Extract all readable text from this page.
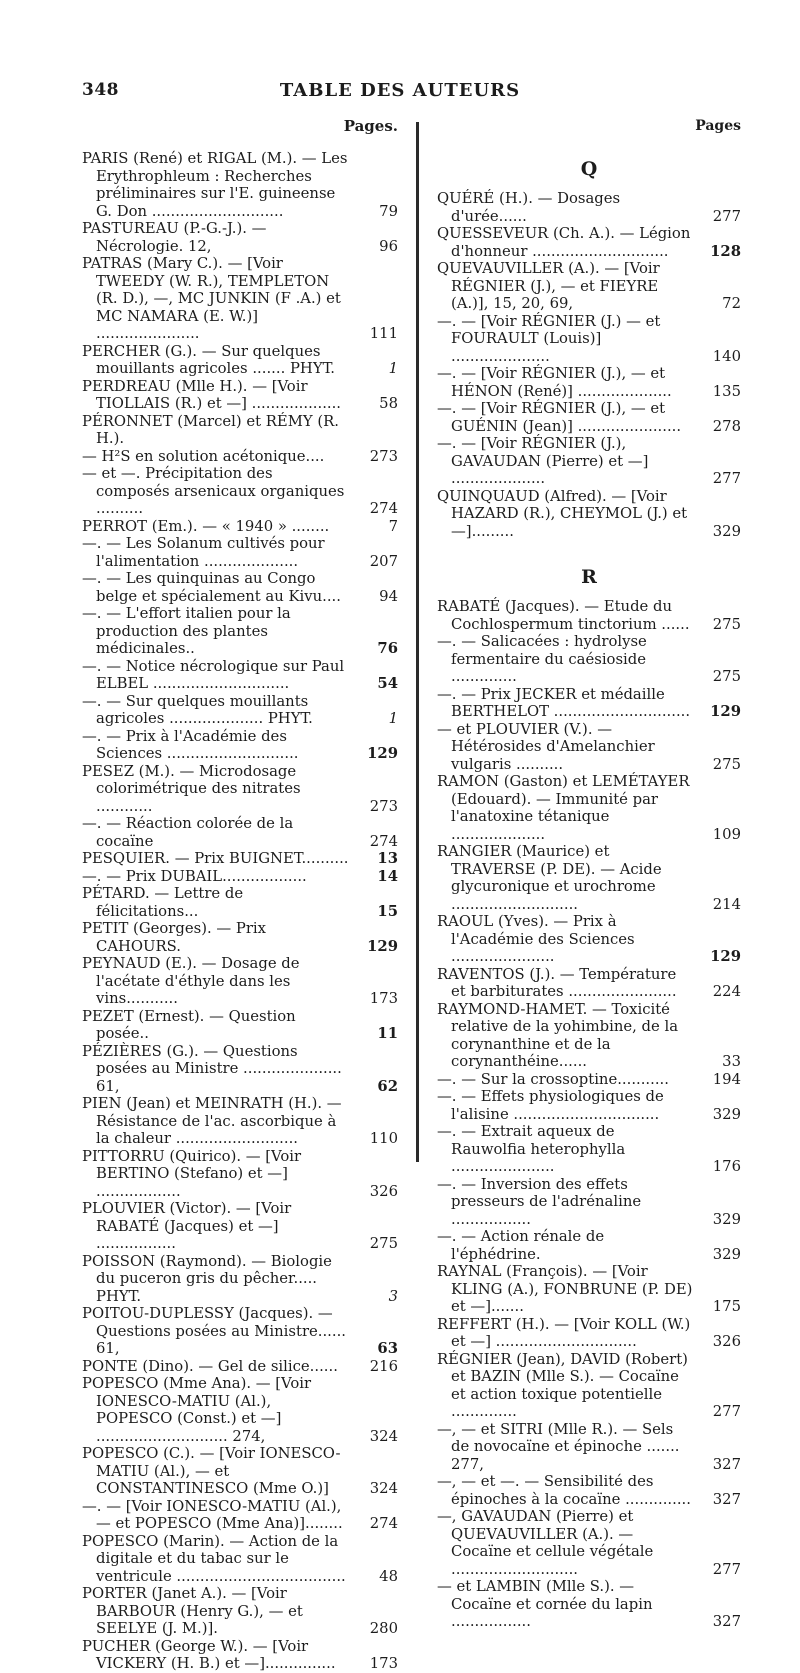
348	TABLE DES AUTEURS
Pages.

PARIS (René) et RIGAL (M.). — Les Erythrophleum : Recherches préliminaires sur l'E. guineense G. Don ............................	79

PASTUREAU (P.-G.-J.). — Nécrologie. 12,	96

PATRAS (Mary C.). — [Voir TWEEDY (W. R.), TEMPLETON (R. D.), —, MC JUNKIN (F .A.) et MC NAMARA (E. W.)] ......................	111

PERCHER (G.). — Sur quelques mouillants agricoles ....... PHYT.	1

PERDREAU (Mlle H.). — [Voir TIOLLAIS (R.) et —] ...................	58

PÉRONNET (Marcel) et RÉMY (R. H.).

— H²S en solution acétonique....	273

— et —. Précipitation des composés arsenicaux organiques ..........	274

PERROT (Em.). — « 1940 » ........	7

—. — Les Solanum cultivés pour l'alimentation ....................	207

—. — Les quinquinas au Congo belge et spécialement au Kivu....	94

—. — L'effort italien pour la production des plantes médicinales..	76

—. — Notice nécrologique sur Paul ELBEL .............................	54

—. — Sur quelques mouillants agricoles .................... PHYT.	1

—. — Prix à l'Académie des Sciences ............................	129

PESEZ (M.). — Microdosage colorimétrique des nitrates ............	273

—. — Réaction colorée de la cocaïne	274

PESQUIER. — Prix BUIGNET.......... 13

—. — Prix DUBAIL..................	14

PÉTARD. — Lettre de félicitations...	15

PETIT (Georges). — Prix CAHOURS.	129

PEYNAUD (E.). — Dosage de l'acétate d'éthyle dans les vins...........	173

PEZET (Ernest). — Question posée..	11

PÉZIÈRES (G.). — Questions posées au Ministre ..................... 61,	62

PIEN (Jean) et MEINRATH (H.). — Résistance de l'ac. ascorbique à la chaleur ..........................	110

PITTORRU (Quirico). — [Voir BERTINO (Stefano) et —] ..................	326

PLOUVIER (Victor). — [Voir RABATÉ (Jacques) et —] .................	275

POISSON (Raymond). — Biologie du puceron gris du pêcher..... PHYT.	3

POITOU-DUPLESSY (Jacques). — Questions posées au Ministre...... 61,	63

PONTE (Dino). — Gel de silice...... 216

POPESCO (Mme Ana). — [Voir IONESCO-MATIU (Al.), POPESCO (Const.) et —] ............................ 274,	324

POPESCO (C.). — [Voir IONESCO-MATIU (Al.), — et CONSTANTINESCO (Mme O.)]	324

—. — [Voir IONESCO-MATIU (Al.), — et POPESCO (Mme Ana)]........ 274

POPESCO (Marin). — Action de la digitale et du tabac sur le ventricule .................................... 48

PORTER (Janet A.). — [Voir BARBOUR (Henry G.), — et SEELYE (J. M.)].	280

PUCHER (George W.). — [Voir VICKERY (H. B.) et —]............... 173

Pages
Q

QUÉRÉ (H.). — Dosages d'urée......	277

QUESSEVEUR (Ch. A.). — Légion d'honneur .............................	128

QUEVAUVILLER (A.). — [Voir RÉGNIER (J.), — et FIEYRE (A.)], 15, 20, 69,	72

—. — [Voir RÉGNIER (J.) — et FOURAULT (Louis)] .....................	140

—. — [Voir RÉGNIER (J.), — et HÉNON (René)] ....................	135

—. — [Voir RÉGNIER (J.), — et GUÉNIN (Jean)] ...................... 278

—. — [Voir RÉGNIER (J.), GAVAUDAN (Pierre) et —] ....................	277

QUINQUAUD (Alfred). — [Voir HAZARD (R.), CHEYMOL (J.) et —].........	329

R

RABATÉ (Jacques). — Etude du Cochlospermum tinctorium ...... 275

—. — Salicacées : hydrolyse fermentaire du caésioside ..............	275

—. — Prix JECKER et médaille BERTHELOT ............................. 129

— et PLOUVIER (V.). — Hétérosides d'Amelanchier vulgaris ..........	275

RAMON (Gaston) et LEMÉTAYER (Edouard). — Immunité par l'anatoxine tétanique ....................	109

RANGIER (Maurice) et TRAVERSE (P. DE). — Acide glycuronique et urochrome ...........................	214

RAOUL (Yves). — Prix à l'Académie des Sciences ......................	129

RAVENTOS (J.). — Température et barbiturates ....................... 224

RAYMOND-HAMET. — Toxicité relative de la yohimbine, de la corynanthine et de la corynanthéine......	33

—. — Sur la crossoptine...........	194

—. — Effets physiologiques de l'alisine ...............................	329

—. — Extrait aqueux de Rauwolfia heterophylla ......................	176

—. — Inversion des effets presseurs de l'adrénaline .................	329

—. — Action rénale de l'éphédrine.	329

RAYNAL (François). — [Voir KLING (A.), FONBRUNE (P. DE) et —].......	175

REFFERT (H.). — [Voir KOLL (W.) et —] ..............................	326

RÉGNIER (Jean), DAVID (Robert) et BAZIN (Mlle S.). — Cocaïne et action toxique potentielle ..............	277

—, — et SITRI (Mlle R.). — Sels de novocaïne et épinoche ....... 277,	327

—, — et —. — Sensibilité des épinoches à la cocaïne .............. 327

—, GAVAUDAN (Pierre) et QUEVAUVILLER (A.). — Cocaïne et cellule végétale ...........................	277

— et LAMBIN (Mlle S.). — Cocaïne et cornée du lapin .................	327
